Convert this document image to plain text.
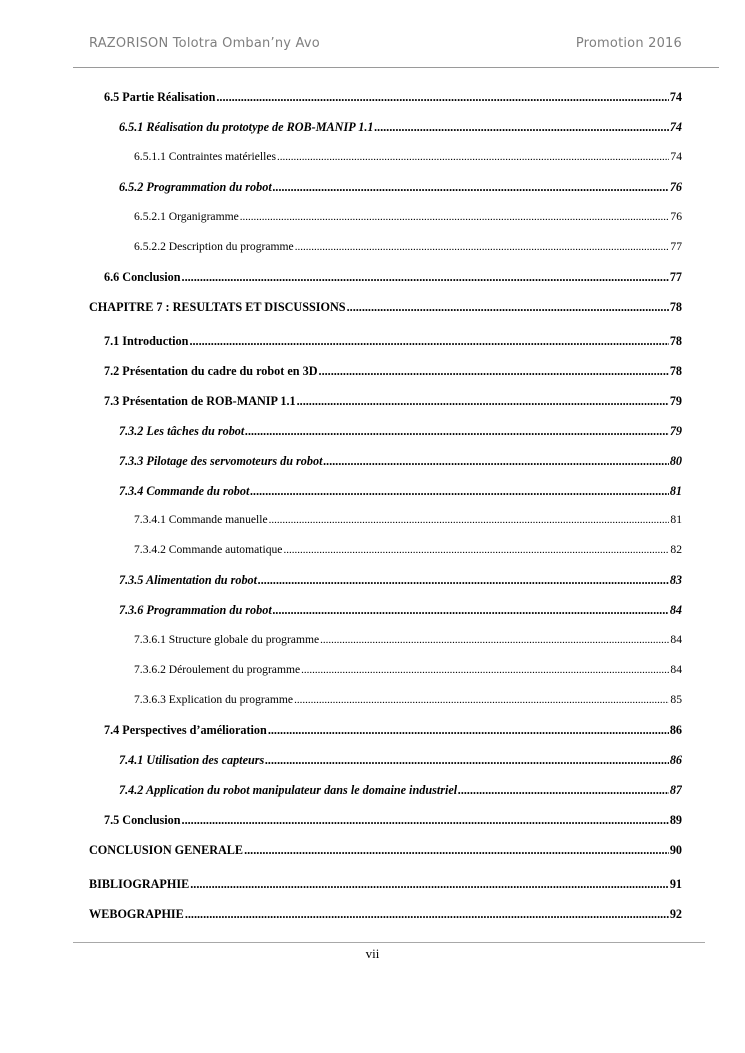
RAZORISON Tolotra Omban’ny Avo	Promotion 2016
6.5 Partie Réalisation .....	74
6.5.1 Réalisation du prototype de ROB-MANIP 1.1 .....	74
6.5.1.1 Contraintes matérielles .....	74
6.5.2 Programmation du robot .....	76
6.5.2.1 Organigramme .....	76
6.5.2.2 Description du programme .....	77
6.6 Conclusion .....	77
CHAPITRE 7 : RESULTATS ET DISCUSSIONS .....	78
7.1 Introduction .....	78
7.2 Présentation du cadre du robot en 3D .....	78
7.3 Présentation de ROB-MANIP 1.1 .....	79
7.3.2 Les tâches du robot .....	79
7.3.3 Pilotage des servomoteurs du robot .....	80
7.3.4 Commande du robot .....	81
7.3.4.1 Commande manuelle .....	81
7.3.4.2 Commande automatique .....	82
7.3.5 Alimentation du robot .....	83
7.3.6 Programmation du robot .....	84
7.3.6.1 Structure globale du programme .....	84
7.3.6.2 Déroulement du programme .....	84
7.3.6.3 Explication du programme .....	85
7.4 Perspectives d’amélioration .....	86
7.4.1 Utilisation des capteurs .....	86
7.4.2 Application du robot manipulateur dans le domaine industriel .....	87
7.5 Conclusion .....	89
CONCLUSION GENERALE .....	90
BIBLIOGRAPHIE .....	91
WEBOGRAPHIE .....	92
vii
